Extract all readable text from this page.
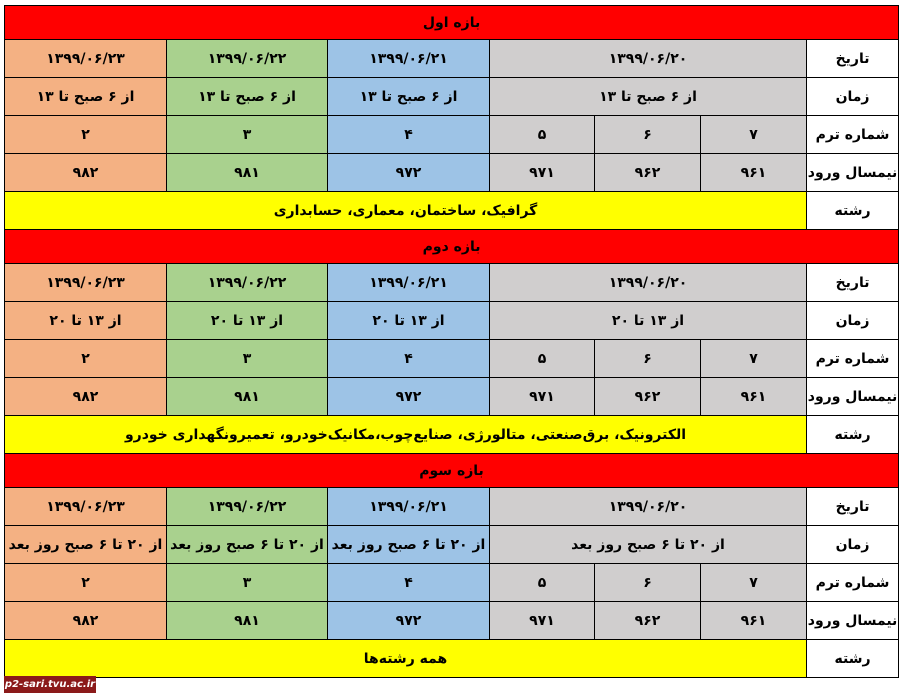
بازه اول						
۱۳۹۹/۰۶/۲۳	۱۳۹۹/۰۶/۲۲	۱۳۹۹/۰۶/۲۱	۱۳۹۹/۰۶/۲۰			تاریخ
از ۶ صبح تا ۱۳	از ۶ صبح تا ۱۳	از ۶ صبح تا ۱۳	از ۶ صبح تا ۱۳			زمان
۲	۳	۴	۵	۶	۷	شماره ترم
۹۸۲	۹۸۱	۹۷۲	۹۷۱	۹۶۲	۹۶۱	نیمسال ورود
گرافیک، ساختمان، معماری، حسابداری						رشته
بازه دوم						
۱۳۹۹/۰۶/۲۳	۱۳۹۹/۰۶/۲۲	۱۳۹۹/۰۶/۲۱	۱۳۹۹/۰۶/۲۰			تاریخ
از ۱۳ تا ۲۰	از ۱۳ تا ۲۰	از ۱۳ تا ۲۰	از ۱۳ تا ۲۰			زمان
۲	۳	۴	۵	۶	۷	شماره ترم
۹۸۲	۹۸۱	۹۷۲	۹۷۱	۹۶۲	۹۶۱	نیمسال ورود
الکترونیک، برق‌صنعتی، متالورژی، صنایع‌چوب،مکانیک‌خودرو، تعمیرونگهداری خودرو						رشته
بازه سوم						
۱۳۹۹/۰۶/۲۳	۱۳۹۹/۰۶/۲۲	۱۳۹۹/۰۶/۲۱	۱۳۹۹/۰۶/۲۰			تاریخ
از ۲۰ تا ۶ صبح روز بعد	از ۲۰ تا ۶ صبح روز بعد	از ۲۰ تا ۶ صبح روز بعد	از ۲۰ تا ۶ صبح روز بعد			زمان
۲	۳	۴	۵	۶	۷	شماره ترم
۹۸۲	۹۸۱	۹۷۲	۹۷۱	۹۶۲	۹۶۱	نیمسال ورود
همه رشته‌ها						رشته
p2-sari.tvu.ac.ir
